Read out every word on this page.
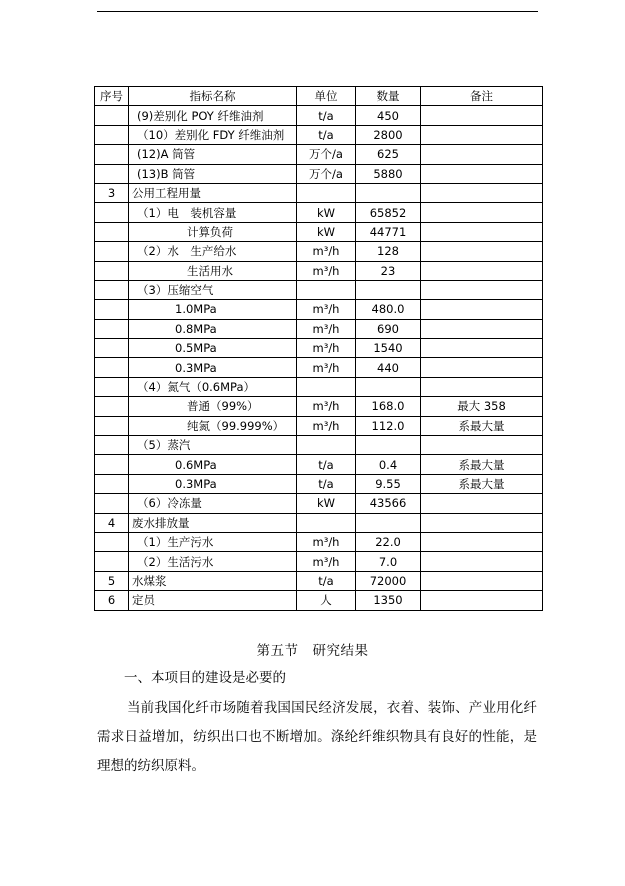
序号	指标名称	单位	数量	备注
	(9)差别化 POY 纤维油剂	t/a	450	
	（10）差别化 FDY 纤维油剂	t/a	2800	
	(12)A 筒管	万个/a	625	
	(13)B 筒管	万个/a	5880	
3	公用工程用量			
	（1）电　装机容量	kW	65852	
	计算负荷	kW	44771	
	（2）水　生产给水	m³/h	128	
	生活用水	m³/h	23	
	（3）压缩空气			
	1.0MPa	m³/h	480.0	
	0.8MPa	m³/h	690	
	0.5MPa	m³/h	1540	
	0.3MPa	m³/h	440	
	（4）氮气（0.6MPa）			
	普通（99%）	m³/h	168.0	最大 358
	纯氮（99.999%）	m³/h	112.0	系最大量
	（5）蒸汽			
	0.6MPa	t/a	0.4	系最大量
	0.3MPa	t/a	9.55	系最大量
	（6）冷冻量	kW	43566	
4	废水排放量			
	（1）生产污水	m³/h	22.0	
	（2）生活污水	m³/h	7.0	
5	水煤浆	t/a	72000	
6	定员	人	1350	
第五节　研究结果
一、本项目的建设是必要的
当前我国化纤市场随着我国国民经济发展，衣着、装饰、产业用化纤需求日益增加，纺织出口也不断增加。涤纶纤维织物具有良好的性能，是理想的纺织原料。
